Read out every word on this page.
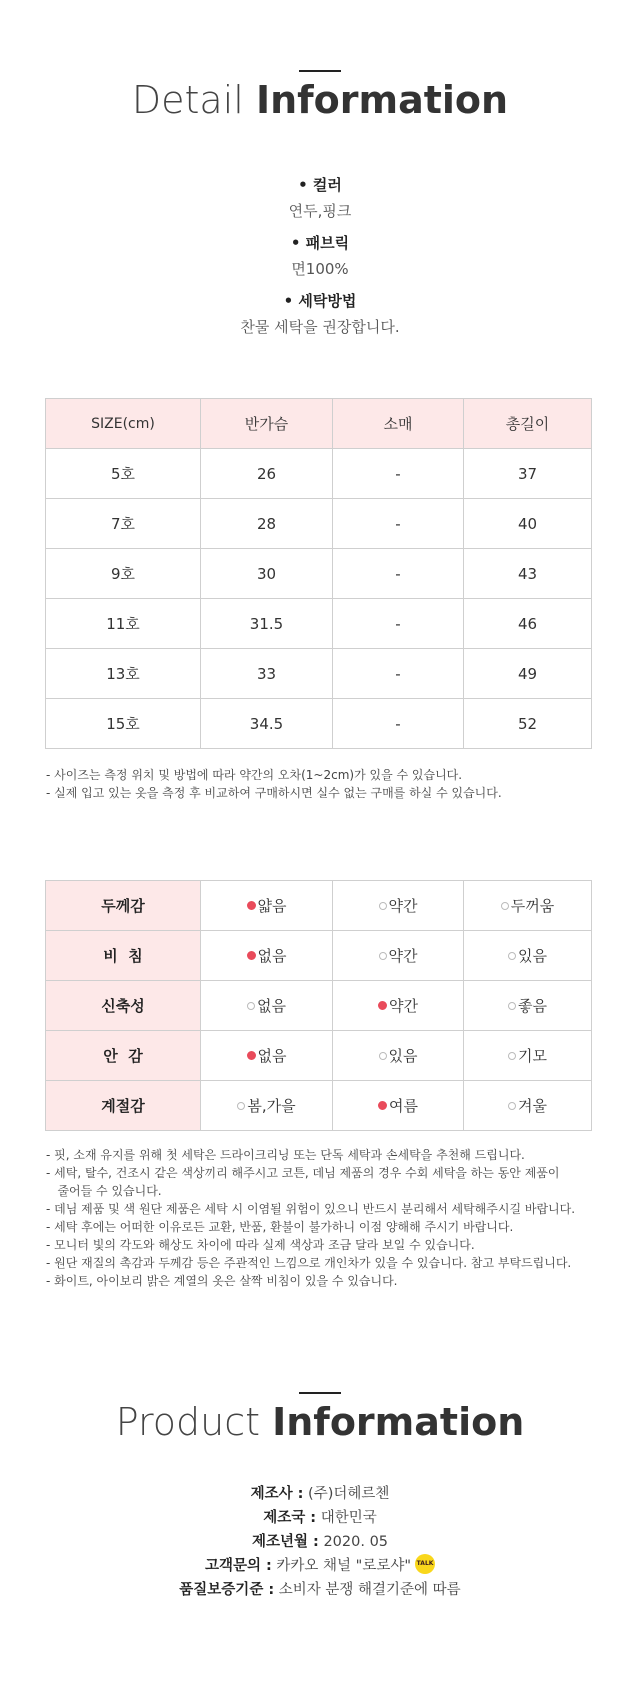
Detail Information
• 컬러
연두,핑크
• 패브릭
면100%
• 세탁방법
찬물 세탁을 권장합니다.
SIZE(cm)	반가슴	소매	총길이
5호	26	-	37
7호	28	-	40
9호	30	-	43
11호	31.5	-	46
13호	33	-	49
15호	34.5	-	52
- 사이즈는 측정 위치 및 방법에 따라 약간의 오차(1~2cm)가 있을 수 있습니다.
- 실제 입고 있는 옷을 측정 후 비교하여 구매하시면 실수 없는 구매를 하실 수 있습니다.
두께감	얇음	약간	두꺼움
비  침	없음	약간	있음
신축성	없음	약간	좋음
안  감	없음	있음	기모
계절감	봄,가을	여름	겨울
- 핏, 소재 유지를 위해 첫 세탁은 드라이크리닝 또는 단독 세탁과 손세탁을 추천해 드립니다.
- 세탁, 탈수, 건조시 같은 색상끼리 해주시고 코튼, 데님 제품의 경우 수회 세탁을 하는 동안 제품이
줄어들 수 있습니다.
- 데님 제품 및 색 원단 제품은 세탁 시 이염될 위험이 있으니 반드시 분리해서 세탁해주시길 바랍니다.
- 세탁 후에는 어떠한 이유로든 교환, 반품, 환불이 불가하니 이점 양해해 주시기 바랍니다.
- 모니터 빛의 각도와 해상도 차이에 따라 실제 색상과 조금 달라 보일 수 있습니다.
- 원단 재질의 촉감과 두께감 등은 주관적인 느낌으로 개인차가 있을 수 있습니다. 참고 부탁드립니다.
- 화이트, 아이보리 밝은 계열의 옷은 살짝 비침이 있을 수 있습니다.
Product Information
제조사 : (주)더헤르첸
제조국 : 대한민국
제조년월 : 2020. 05
고객문의 : 카카오 채널 "로로샤" TALK
품질보증기준 : 소비자 분쟁 해결기준에 따름
